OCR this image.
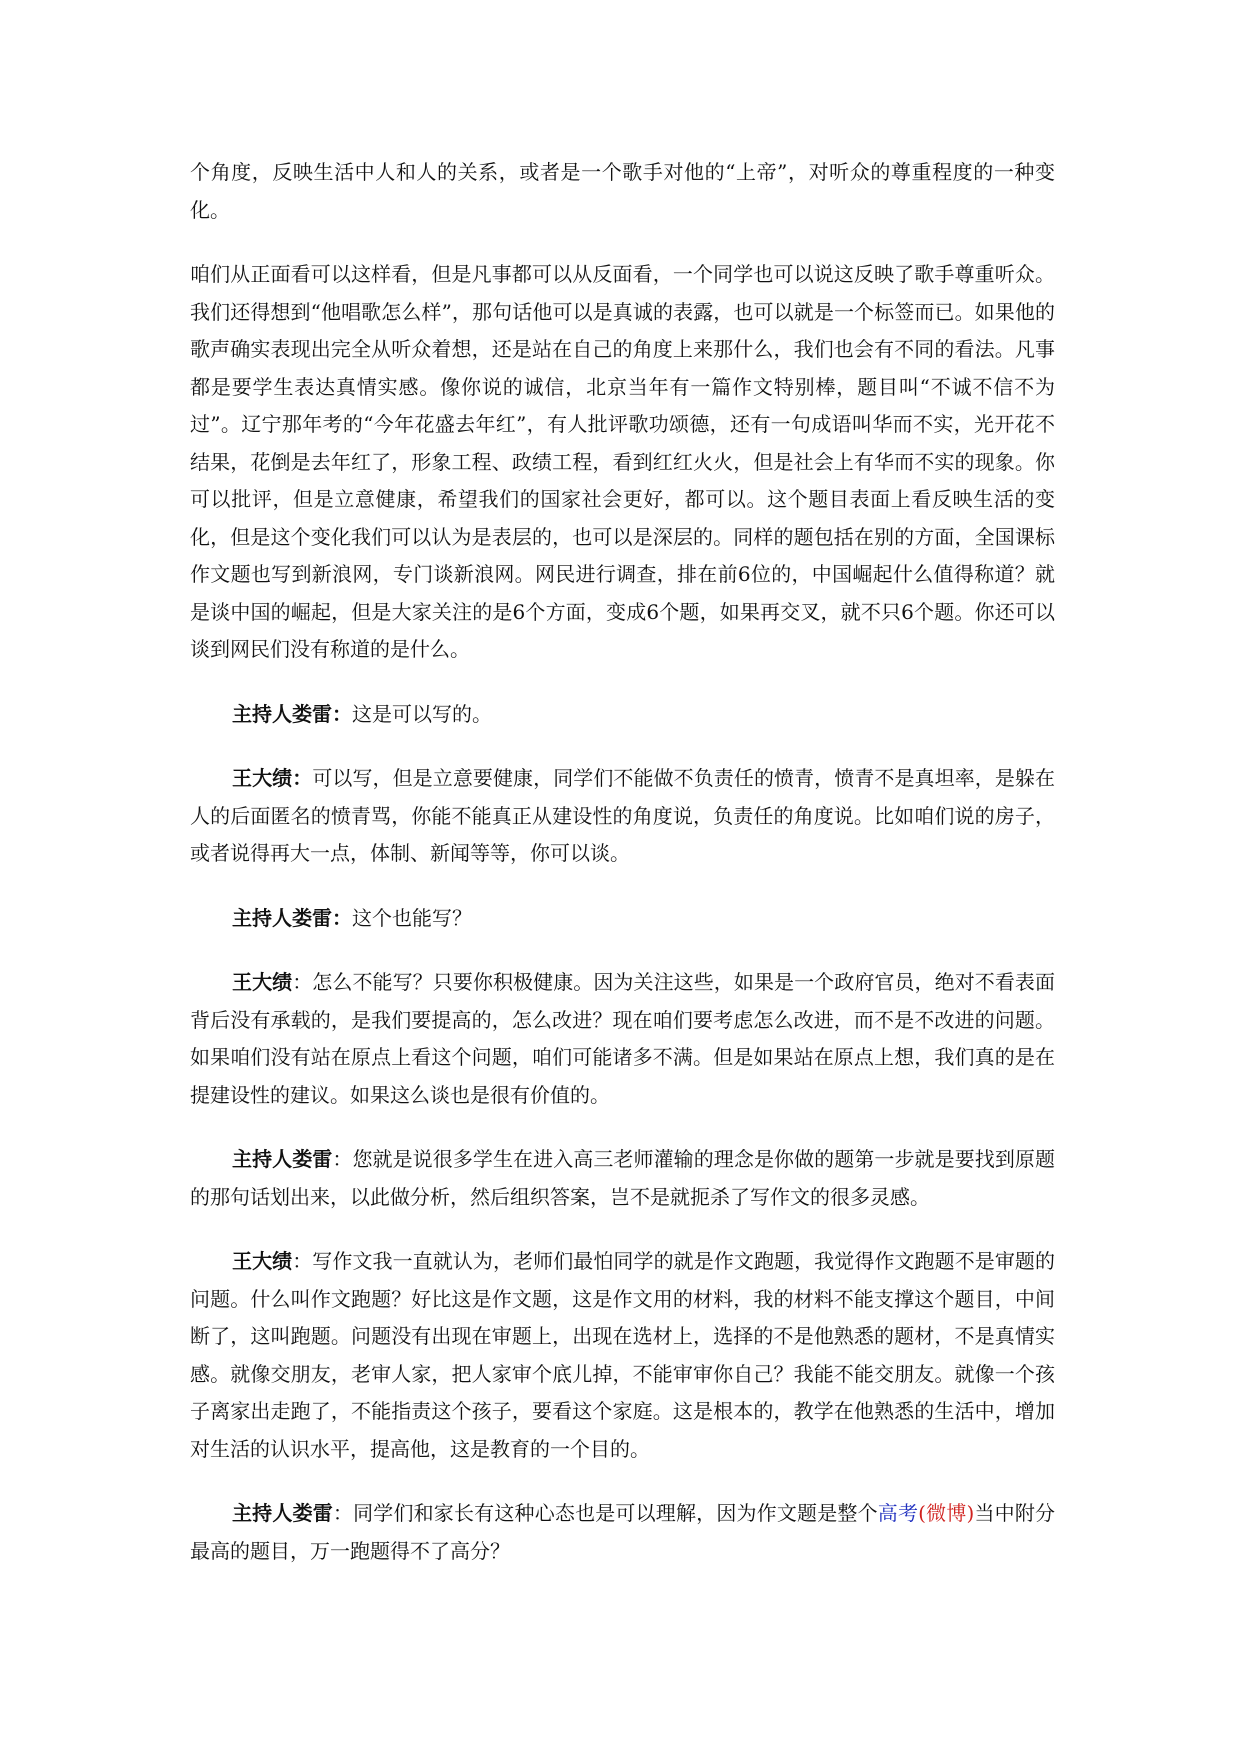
个角度，反映生活中人和人的关系，或者是一个歌手对他的“上帝”，对听众的尊重程度的一种变化。

咱们从正面看可以这样看，但是凡事都可以从反面看，一个同学也可以说这反映了歌手尊重听众。我们还得想到“他唱歌怎么样”，那句话他可以是真诚的表露，也可以就是一个标签而已。如果他的歌声确实表现出完全从听众着想，还是站在自己的角度上来那什么，我们也会有不同的看法。凡事都是要学生表达真情实感。像你说的诚信，北京当年有一篇作文特别棒，题目叫“不诚不信不为过”。辽宁那年考的“今年花盛去年红”，有人批评歌功颂德，还有一句成语叫华而不实，光开花不结果，花倒是去年红了，形象工程、政绩工程，看到红红火火，但是社会上有华而不实的现象。你可以批评，但是立意健康，希望我们的国家社会更好，都可以。这个题目表面上看反映生活的变化，但是这个变化我们可以认为是表层的，也可以是深层的。同样的题包括在别的方面，全国课标作文题也写到新浪网，专门谈新浪网。网民进行调查，排在前6位的，中国崛起什么值得称道？就是谈中国的崛起，但是大家关注的是6个方面，变成6个题，如果再交叉，就不只6个题。你还可以谈到网民们没有称道的是什么。

主持人娄雷：这是可以写的。

王大绩：可以写，但是立意要健康，同学们不能做不负责任的愤青，愤青不是真坦率，是躲在人的后面匿名的愤青骂，你能不能真正从建设性的角度说，负责任的角度说。比如咱们说的房子，或者说得再大一点，体制、新闻等等，你可以谈。

主持人娄雷：这个也能写？

王大绩：怎么不能写？只要你积极健康。因为关注这些，如果是一个政府官员，绝对不看表面背后没有承载的，是我们要提高的，怎么改进？现在咱们要考虑怎么改进，而不是不改进的问题。如果咱们没有站在原点上看这个问题，咱们可能诸多不满。但是如果站在原点上想，我们真的是在提建设性的建议。如果这么谈也是很有价值的。

主持人娄雷：您就是说很多学生在进入高三老师灌输的理念是你做的题第一步就是要找到原题的那句话划出来，以此做分析，然后组织答案，岂不是就扼杀了写作文的很多灵感。

王大绩：写作文我一直就认为，老师们最怕同学的就是作文跑题，我觉得作文跑题不是审题的问题。什么叫作文跑题？好比这是作文题，这是作文用的材料，我的材料不能支撑这个题目，中间断了，这叫跑题。问题没有出现在审题上，出现在选材上，选择的不是他熟悉的题材，不是真情实感。就像交朋友，老审人家，把人家审个底儿掉，不能审审你自己？我能不能交朋友。就像一个孩子离家出走跑了，不能指责这个孩子，要看这个家庭。这是根本的，教学在他熟悉的生活中，增加对生活的认识水平，提高他，这是教育的一个目的。

主持人娄雷：同学们和家长有这种心态也是可以理解，因为作文题是整个高考(微博)当中附分最高的题目，万一跑题得不了高分？
